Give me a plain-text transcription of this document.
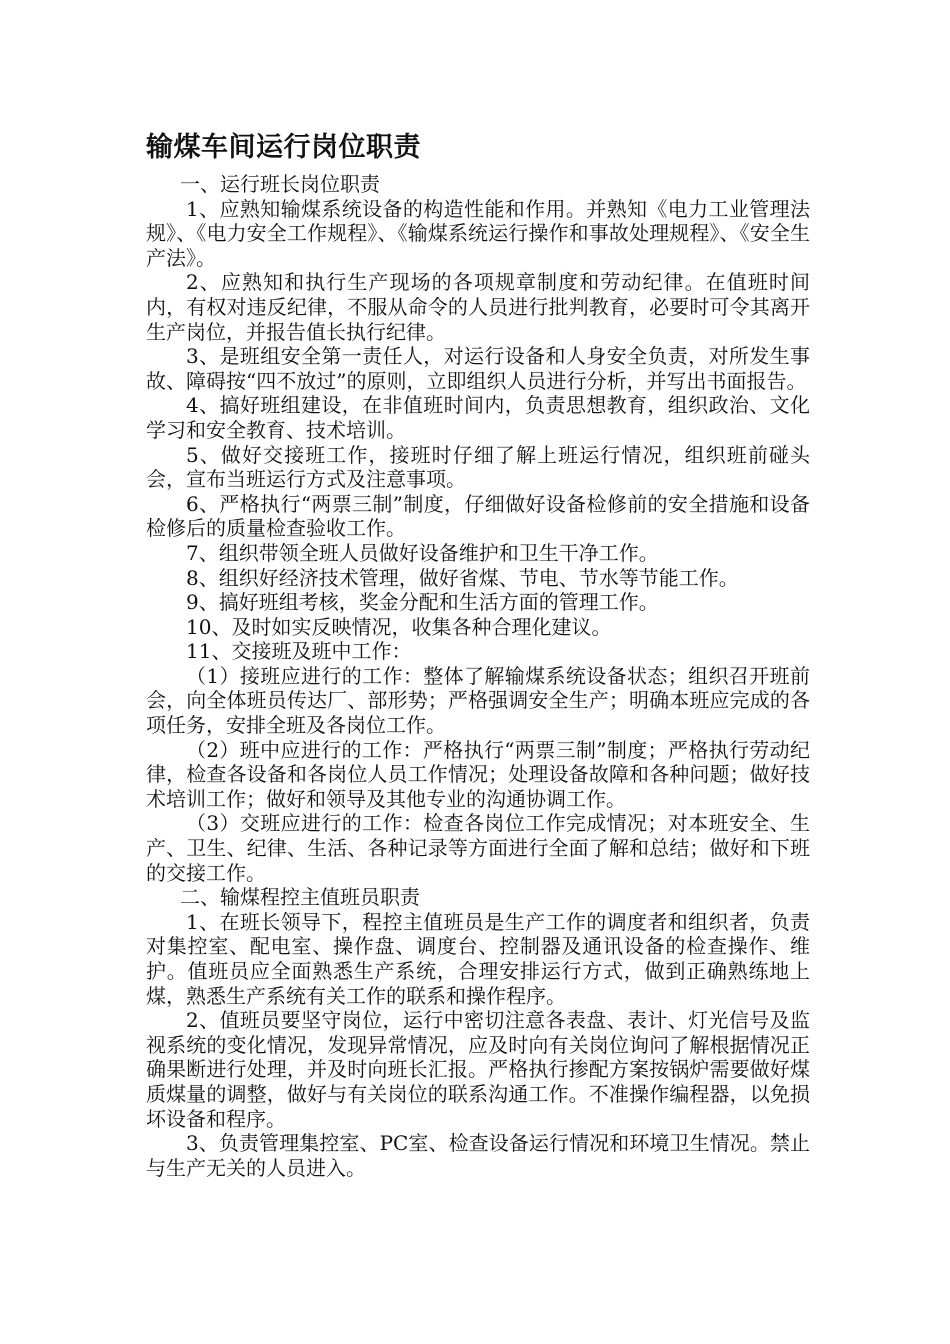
输煤车间运行岗位职责

一、运行班长岗位职责

1、应熟知输煤系统设备的构造性能和作用。并熟知《电力工业管理法规》、《电力安全工作规程》、《输煤系统运行操作和事故处理规程》、《安全生产法》。

2、应熟知和执行生产现场的各项规章制度和劳动纪律。在值班时间内，有权对违反纪律，不服从命令的人员进行批判教育，必要时可令其离开生产岗位，并报告值长执行纪律。

3、是班组安全第一责任人，对运行设备和人身安全负责，对所发生事故、障碍按“四不放过”的原则，立即组织人员进行分析，并写出书面报告。

4、搞好班组建设，在非值班时间内，负责思想教育，组织政治、文化学习和安全教育、技术培训。

5、做好交接班工作，接班时仔细了解上班运行情况，组织班前碰头会，宣布当班运行方式及注意事项。

6、严格执行“两票三制”制度，仔细做好设备检修前的安全措施和设备检修后的质量检查验收工作。

7、组织带领全班人员做好设备维护和卫生干净工作。

8、组织好经济技术管理，做好省煤、节电、节水等节能工作。

9、搞好班组考核，奖金分配和生活方面的管理工作。

10、及时如实反映情况，收集各种合理化建议。

11、交接班及班中工作：

（1）接班应进行的工作：整体了解输煤系统设备状态；组织召开班前会，向全体班员传达厂、部形势；严格强调安全生产；明确本班应完成的各项任务，安排全班及各岗位工作。

（2）班中应进行的工作：严格执行“两票三制”制度；严格执行劳动纪律，检查各设备和各岗位人员工作情况；处理设备故障和各种问题；做好技术培训工作；做好和领导及其他专业的沟通协调工作。

（3）交班应进行的工作：检查各岗位工作完成情况；对本班安全、生产、卫生、纪律、生活、各种记录等方面进行全面了解和总结；做好和下班的交接工作。

二、输煤程控主值班员职责

1、在班长领导下，程控主值班员是生产工作的调度者和组织者，负责对集控室、配电室、操作盘、调度台、控制器及通讯设备的检查操作、维护。值班员应全面熟悉生产系统，合理安排运行方式，做到正确熟练地上煤，熟悉生产系统有关工作的联系和操作程序。

2、值班员要坚守岗位，运行中密切注意各表盘、表计、灯光信号及监视系统的变化情况，发现异常情况，应及时向有关岗位询问了解根据情况正确果断进行处理，并及时向班长汇报。严格执行掺配方案按锅炉需要做好煤质煤量的调整，做好与有关岗位的联系沟通工作。不准操作编程器，以免损坏设备和程序。

3、负责管理集控室、PC室、检查设备运行情况和环境卫生情况。禁止与生产无关的人员进入。
